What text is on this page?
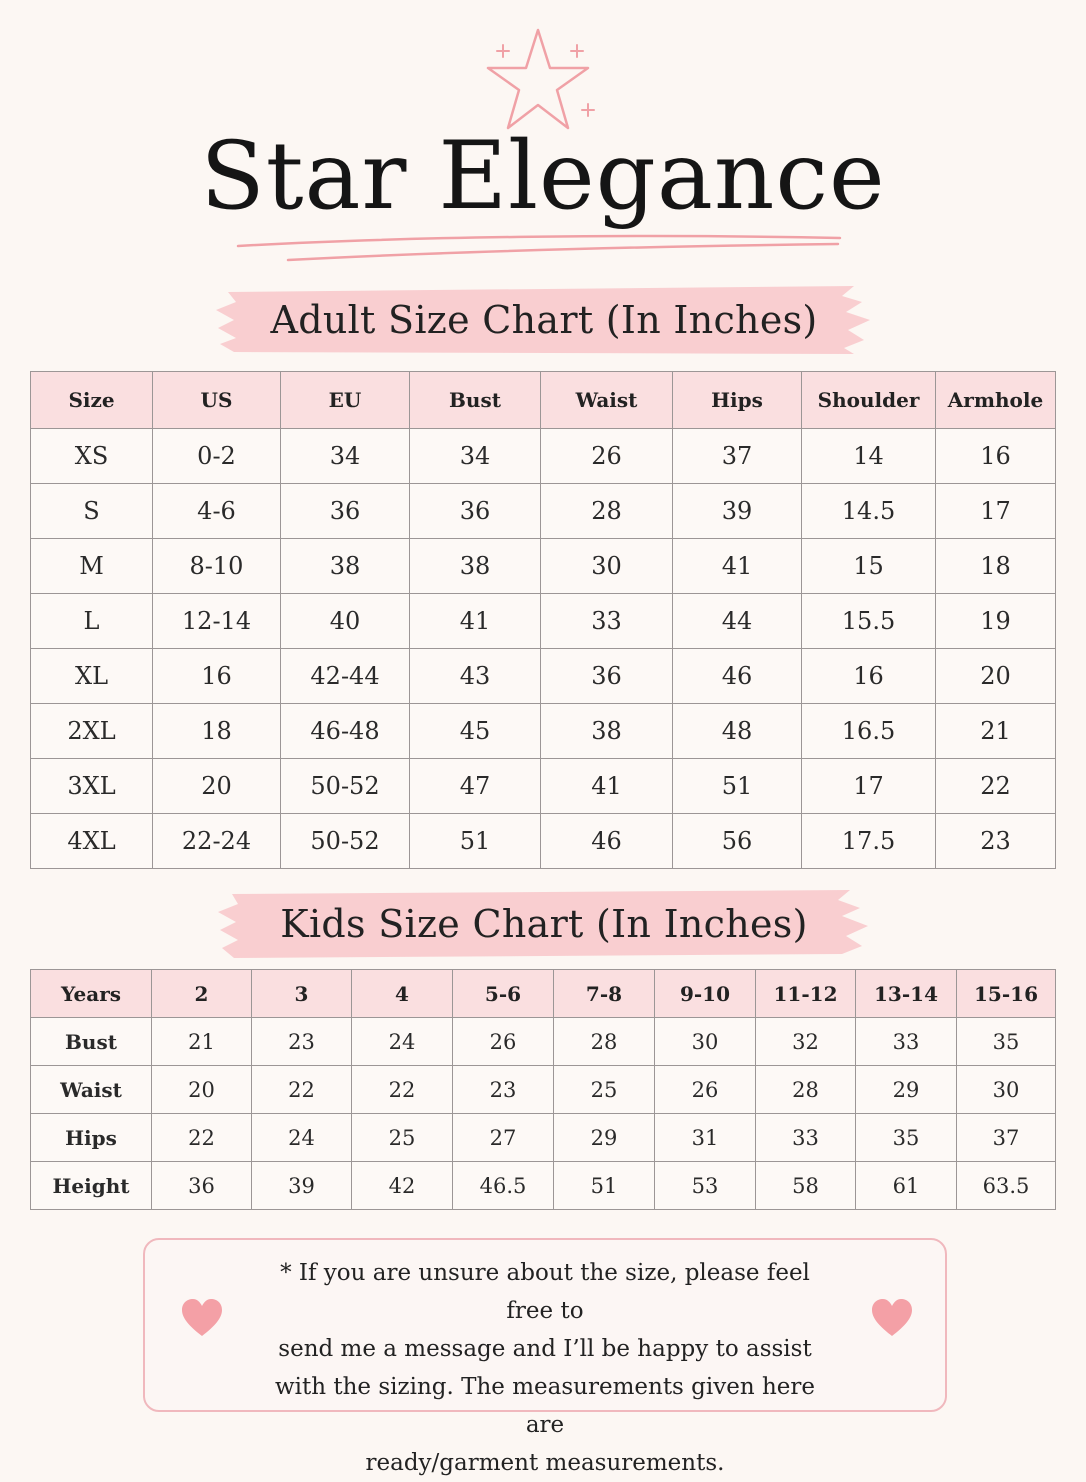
Star Elegance
Adult Size Chart (In Inches)
Size	US	EU	Bust	Waist	Hips	Shoulder	Armhole
XS	0-2	34	34	26	37	14	16
S	4-6	36	36	28	39	14.5	17
M	8-10	38	38	30	41	15	18
L	12-14	40	41	33	44	15.5	19
XL	16	42-44	43	36	46	16	20
2XL	18	46-48	45	38	48	16.5	21
3XL	20	50-52	47	41	51	17	22
4XL	22-24	50-52	51	46	56	17.5	23
Kids Size Chart (In Inches)
Years	2	3	4	5-6	7-8	9-10	11-12	13-14	15-16
Bust	21	23	24	26	28	30	32	33	35
Waist	20	22	22	23	25	26	28	29	30
Hips	22	24	25	27	29	31	33	35	37
Height	36	39	42	46.5	51	53	58	61	63.5
* If you are unsure about the size, please feel free to
send me a message and I’ll be happy to assist
with the sizing. The measurements given here are
ready/garment measurements.
